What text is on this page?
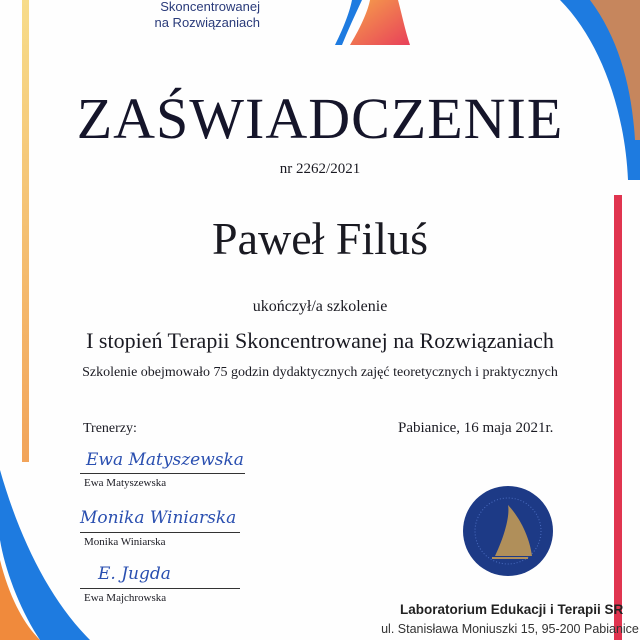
Skoncentrowanej
na Rozwiązaniach
ZAŚWIADCZENIE
nr 2262/2021
Paweł Filuś
ukończył/a szkolenie
I stopień Terapii Skoncentrowanej na Rozwiązaniach
Szkolenie obejmowało 75 godzin dydaktycznych zajęć teoretycznych i praktycznych
Trenerzy:	Pabianice, 16 maja 2021r.
Ewa Matyszewska
Ewa Matyszewska
Monika Winiarska
Monika Winiarska
E. Jugda
Ewa Majchrowska
Laboratorium Edukacji i Terapii SR
ul. Stanisława Moniuszki 15, 95-200 Pabianice
